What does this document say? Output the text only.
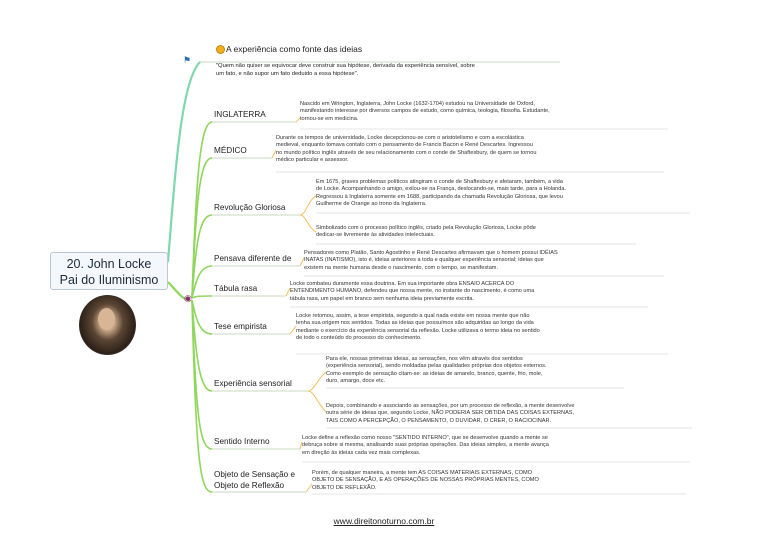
20. John Locke
Pai do Iluminismo
⚑
A experiência como fonte das ideias
"Quem não quiser se equivocar deve construir sua hipótese, derivada da experiência sensível, sobre
um fato, e não supor um fato deduido a essa hipótese".
◉
INGLATERRA
MÉDICO
Revolução Gloriosa
Pensava diferente de
Tábula rasa
Tese empirista
Experiência sensorial
Sentido Interno
Objeto de Sensação e
Objeto de Reflexão
Nascido em Wrington, Inglaterra, John Locke (1632-1704) estudou na Universidade de Oxford,
manifestando interesse por diversos campos de estudo, como química, teologia, filosofia. Estudante,
tornou-se em medicina.
Durante os tempos de universidade, Locke decepcionou-se com o aristotelismo e com a escolástica
medieval, enquanto tomava contato com o pensamento de Francis Bacon e René Descartes. Ingressou
no mundo político inglês através de seu relacionamento com o conde de Shaftesbury, de quem se tornou
médico particular e assessor.
Em 1675, graves problemas políticos atingiram o conde de Shaftesbury e afetaram, também, a vida
de Locke. Acompanhando o amigo, exilou-se na França, deslocando-se, mais tarde, para a Holanda.
Regressou à Inglaterra somente em 1688, participando da chamada Revolução Gloriosa, que levou
Guilherme de Orange ao trono da Inglaterra.
Simbolizado com o processo político inglês, criado pela Revolução Gloriosa, Locke pôde
dedicar-se livremente às atividades intelectuais.
Pensadores como Platão, Santo Agostinho e René Descartes afirmavam que o homem possui IDÉIAS
INATAS (INATISMO), isto é, ideias anteriores a toda e qualquer experiência sensorial; ideias que
existem na mente humana desde o nascimento, com o tempo, se manifestam.
Locke combateu duramente essa doutrina. Em sua importante obra ENSAIO ACERCA DO
ENTENDIMENTO HUMANO, defendeu que nossa mente, no instante do nascimento, é como uma
tábula rasa, um papel em branco sem nenhuma ideia previamente escrita.
Locke retomou, assim, a tese empirista, segundo a qual nada existe em nossa mente que não
tenha sua origem nos sentidos. Todas as ideias que possuímos são adquiridas ao longo da vida
mediante o exercício da experiência sensorial da reflexão. Locke utilizava o termo ideia no sentido
de todo o conteúdo do processo do conhecimento.
Para ele, nossas primeiras ideias, as sensações, nos vêm através dos sentidos
(experiência sensorial), sendo moldadas pelas qualidades próprias dos objetos externos.
Como exemplo de sensação citam-se: as ideias de amarelo, branco, quente, frio, mole,
duro, amargo, doce etc.
Depois, combinando e associando as sensações, por um processo de reflexão, a mente desenvolve
outra série de ideias que, segundo Locke, NÃO PODERIA SER OBTIDA DAS COISAS EXTERNAS,
TAIS COMO A PERCEPÇÃO, O PENSAMENTO, O DUVIDAR, O CRER, O RACIOCINAR.
Locke define a reflexão como nosso "SENTIDO INTERNO", que se desenvolve quando a mente se
debruça sobre si mesma, analisando suas próprias operações. Das ideias simples, a mente avança
em direção às ideias cada vez mais complexas.
Porém, de qualquer maneira, a mente tem AS COISAS MATERIAIS EXTERNAS, COMO
OBJETO DE SENSAÇÃO, E AS OPERAÇÕES DE NOSSAS PRÓPRIAS MENTES, COMO
OBJETO DE REFLEXÃO.
www.direitonoturno.com.br
